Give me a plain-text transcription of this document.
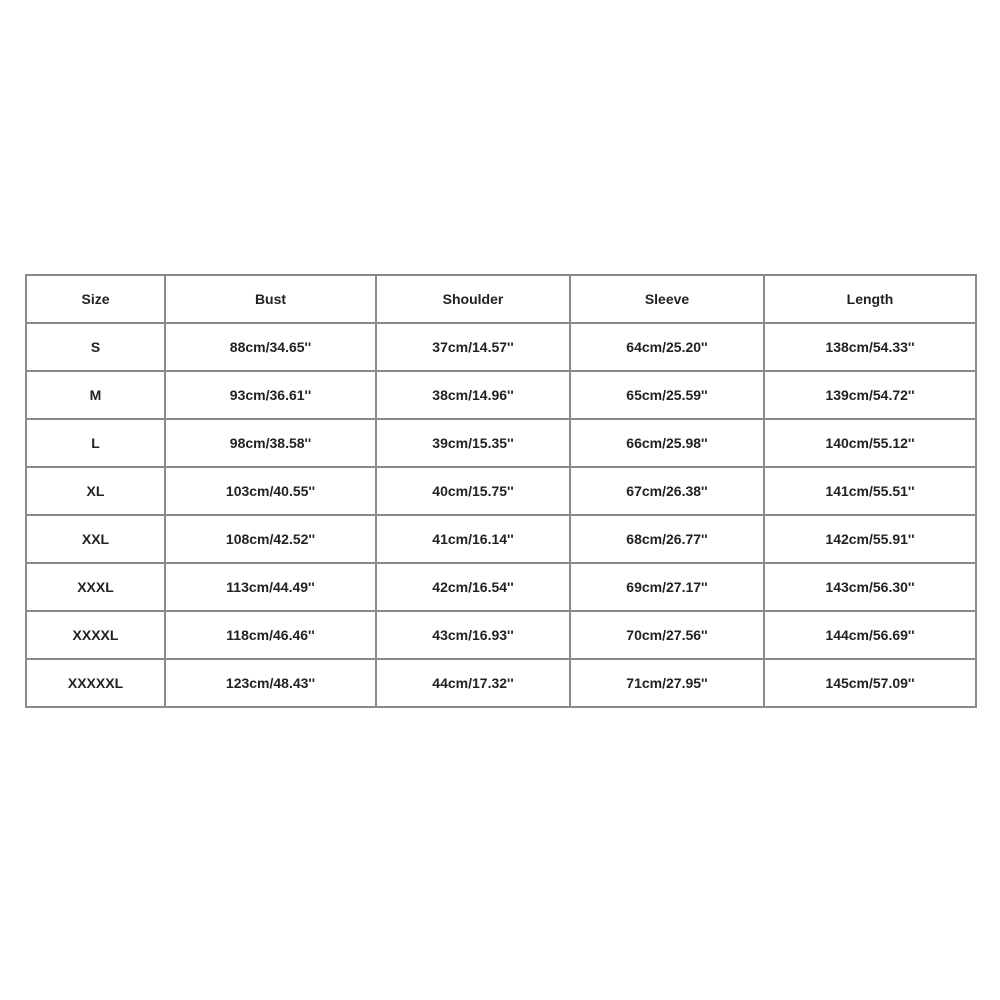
Size	Bust	Shoulder	Sleeve	Length
S	88cm/34.65''	37cm/14.57''	64cm/25.20''	138cm/54.33''
M	93cm/36.61''	38cm/14.96''	65cm/25.59''	139cm/54.72''
L	98cm/38.58''	39cm/15.35''	66cm/25.98''	140cm/55.12''
XL	103cm/40.55''	40cm/15.75''	67cm/26.38''	141cm/55.51''
XXL	108cm/42.52''	41cm/16.14''	68cm/26.77''	142cm/55.91''
XXXL	113cm/44.49''	42cm/16.54''	69cm/27.17''	143cm/56.30''
XXXXL	118cm/46.46''	43cm/16.93''	70cm/27.56''	144cm/56.69''
XXXXXL	123cm/48.43''	44cm/17.32''	71cm/27.95''	145cm/57.09''
